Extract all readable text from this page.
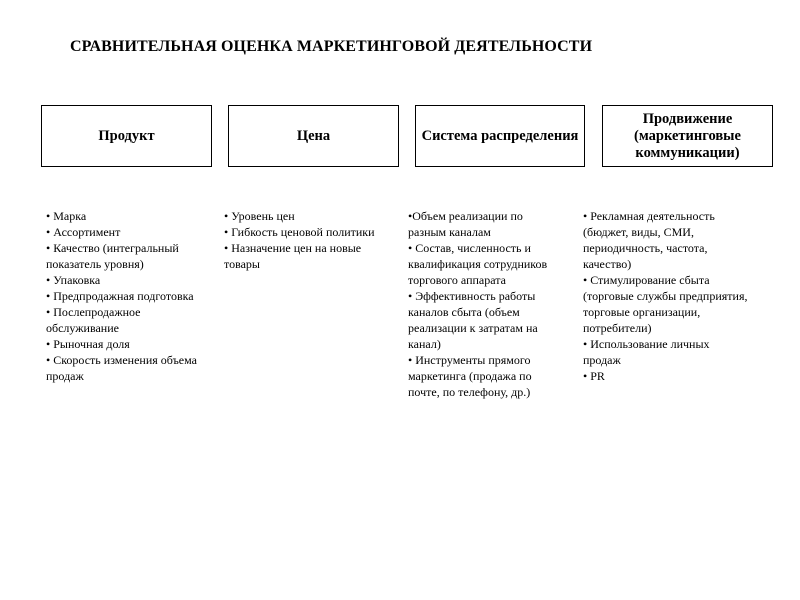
СРАВНИТЕЛЬНАЯ ОЦЕНКА МАРКЕТИНГОВОЙ ДЕЯТЕЛЬНОСТИ
Продукт	Цена	Система распределения
Продвижение (маркетинговые коммуникации)
• Марка
• Ассортимент
• Качество (интегральный показатель уровня)
• Упаковка
• Предпродажная подготовка
• Послепродажное обслуживание
• Рыночная доля
• Скорость изменения объема продаж
• Уровень цен
• Гибкость ценовой политики
• Назначение цен на новые товары
•Объем реализации по разным каналам
• Состав, численность и квалификация сотрудников торгового аппарата
• Эффективность работы каналов сбыта (объем реализации к затратам на канал)
• Инструменты прямого маркетинга (продажа по почте, по телефону, др.)
• Рекламная деятельность (бюджет, виды, СМИ, периодичность, частота, качество)
• Стимулирование сбыта (торговые службы предприятия, торговые организации, потребители)
• Использование личных продаж
• PR
